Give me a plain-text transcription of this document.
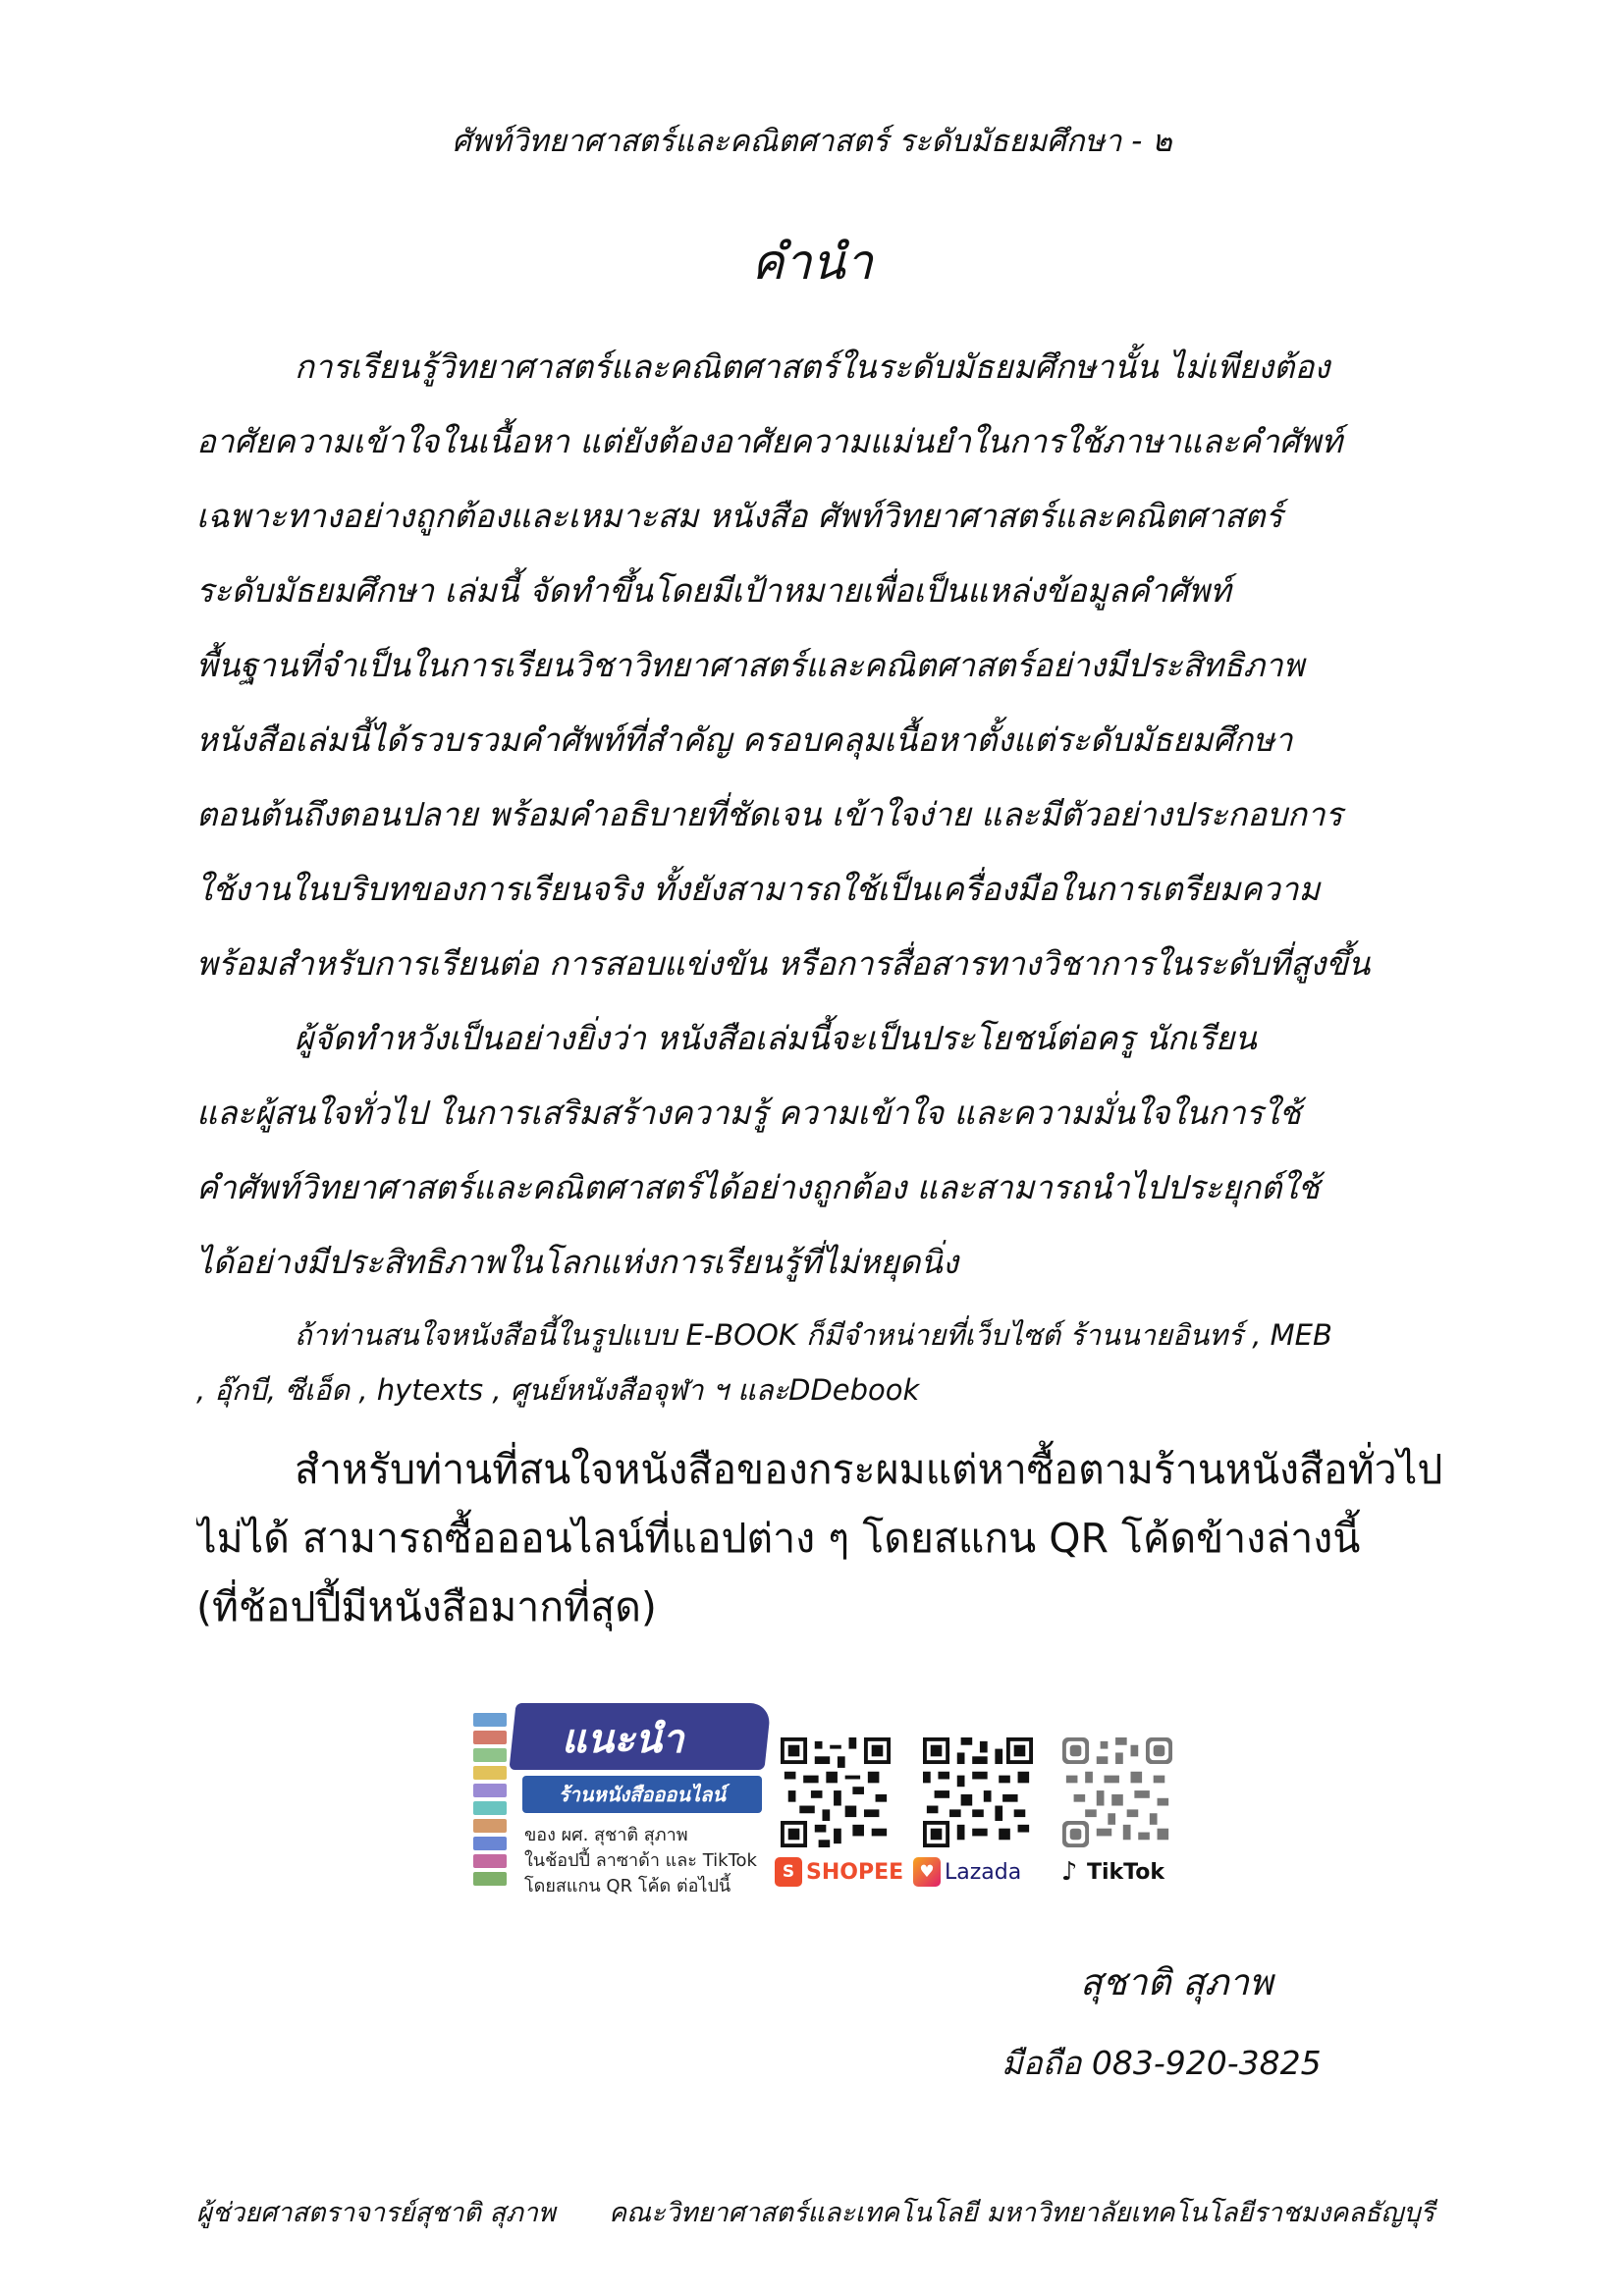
ศัพท์วิทยาศาสตร์และคณิตศาสตร์ ระดับมัธยมศึกษา - ๒
คำนำ
การเรียนรู้วิทยาศาสตร์และคณิตศาสตร์ในระดับมัธยมศึกษานั้น ไม่เพียงต้อง
อาศัยความเข้าใจในเนื้อหา แต่ยังต้องอาศัยความแม่นยำในการใช้ภาษาและคำศัพท์
เฉพาะทางอย่างถูกต้องและเหมาะสม หนังสือ ศัพท์วิทยาศาสตร์และคณิตศาสตร์
ระดับมัธยมศึกษา เล่มนี้ จัดทำขึ้นโดยมีเป้าหมายเพื่อเป็นแหล่งข้อมูลคำศัพท์
พื้นฐานที่จำเป็นในการเรียนวิชาวิทยาศาสตร์และคณิตศาสตร์อย่างมีประสิทธิภาพ
หนังสือเล่มนี้ได้รวบรวมคำศัพท์ที่สำคัญ ครอบคลุมเนื้อหาตั้งแต่ระดับมัธยมศึกษา
ตอนต้นถึงตอนปลาย พร้อมคำอธิบายที่ชัดเจน เข้าใจง่าย และมีตัวอย่างประกอบการ
ใช้งานในบริบทของการเรียนจริง ทั้งยังสามารถใช้เป็นเครื่องมือในการเตรียมความ
พร้อมสำหรับการเรียนต่อ การสอบแข่งขัน หรือการสื่อสารทางวิชาการในระดับที่สูงขึ้น
ผู้จัดทำหวังเป็นอย่างยิ่งว่า หนังสือเล่มนี้จะเป็นประโยชน์ต่อครู นักเรียน
และผู้สนใจทั่วไป ในการเสริมสร้างความรู้ ความเข้าใจ และความมั่นใจในการใช้
คำศัพท์วิทยาศาสตร์และคณิตศาสตร์ได้อย่างถูกต้อง และสามารถนำไปประยุกต์ใช้
ได้อย่างมีประสิทธิภาพในโลกแห่งการเรียนรู้ที่ไม่หยุดนิ่ง
ถ้าท่านสนใจหนังสือนี้ในรูปแบบ E-BOOK ก็มีจำหน่ายที่เว็บไซต์ ร้านนายอินทร์ , MEB
, อุ๊กบี, ซีเอ็ด , hytexts , ศูนย์หนังสือจุฬา ฯ และDDebook
สำหรับท่านที่สนใจหนังสือของกระผมแต่หาซื้อตามร้านหนังสือทั่วไป
ไม่ได้ สามารถซื้อออนไลน์ที่แอปต่าง ๆ โดยสแกน QR โค้ดข้างล่างนี้
(ที่ช้อปปี้มีหนังสือมากที่สุด)
แนะนำ
ร้านหนังสือออนไลน์
ของ ผศ. สุชาติ สุภาพ
ในช้อปปี้ ลาซาด้า และ TikTok
โดยสแกน QR โค้ด ต่อไปนี้
S SHOPEE ♥ Lazada ♪ TikTok
สุชาติ สุภาพ
มือถือ 083-920-3825
ผู้ช่วยศาสตราจารย์สุชาติ สุภาพ คณะวิทยาศาสตร์และเทคโนโลยี มหาวิทยาลัยเทคโนโลยีราชมงคลธัญบุรี
